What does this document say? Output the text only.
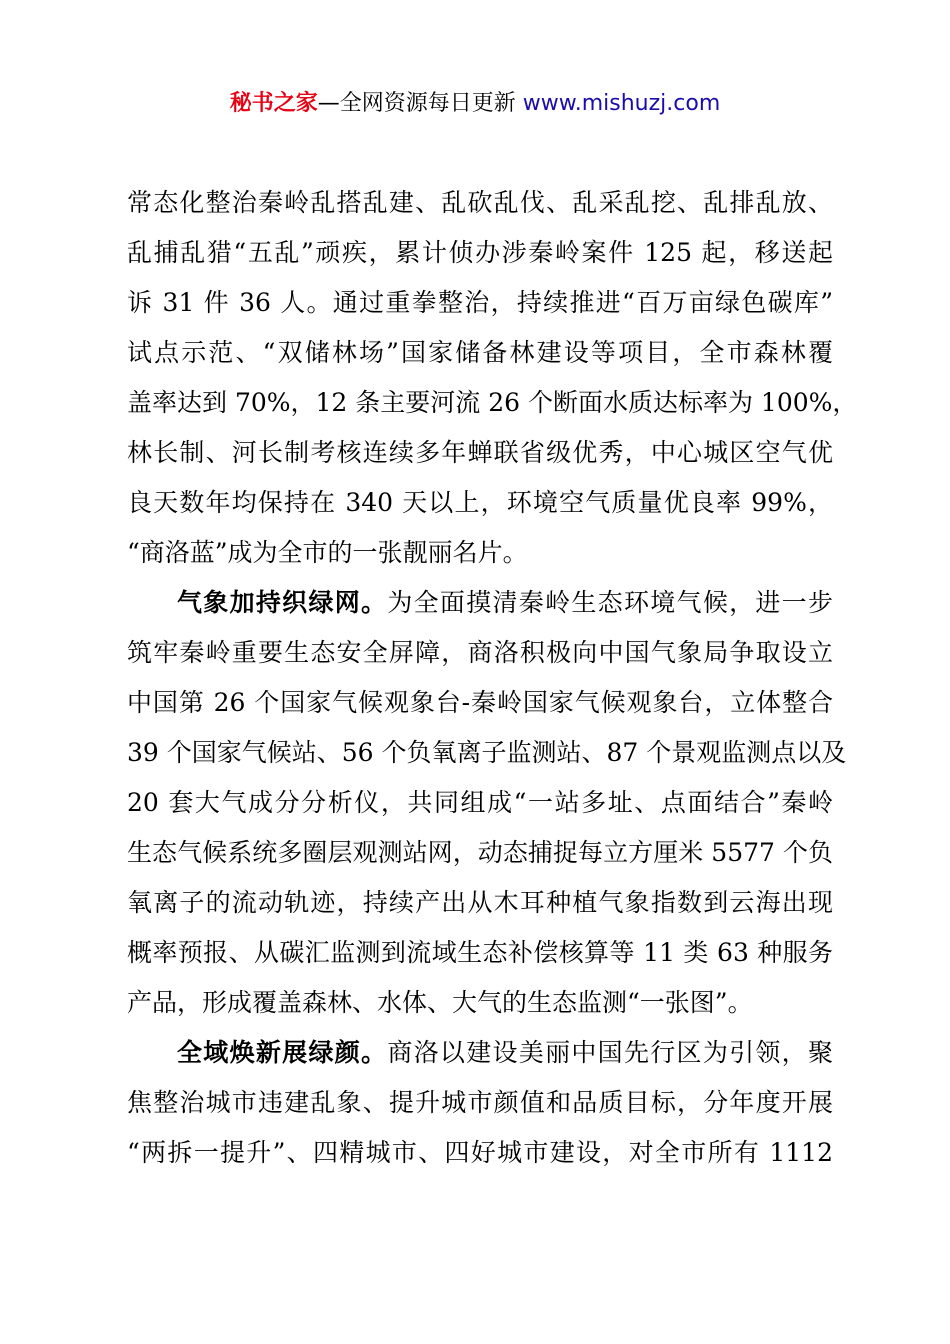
秘书之家—全网资源每日更新 www.mishuzj.com
常态化整治秦岭乱搭乱建、乱砍乱伐、乱采乱挖、乱排乱放、
乱捕乱猎“五乱”顽疾，累计侦办涉秦岭案件 125 起，移送起
诉 31 件 36 人。通过重拳整治，持续推进“百万亩绿色碳库”
试点示范、“双储林场”国家储备林建设等项目，全市森林覆
盖率达到 70%，12 条主要河流 26 个断面水质达标率为 100%，
林长制、河长制考核连续多年蝉联省级优秀，中心城区空气优
良天数年均保持在 340 天以上，环境空气质量优良率 99%，
“商洛蓝”成为全市的一张靓丽名片。
气象加持织绿网。为全面摸清秦岭生态环境气候，进一步
筑牢秦岭重要生态安全屏障，商洛积极向中国气象局争取设立
中国第 26 个国家气候观象台-秦岭国家气候观象台，立体整合
39 个国家气候站、56 个负氧离子监测站、87 个景观监测点以及
20 套大气成分分析仪，共同组成“一站多址、点面结合”秦岭
生态气候系统多圈层观测站网，动态捕捉每立方厘米 5577 个负
氧离子的流动轨迹，持续产出从木耳种植气象指数到云海出现
概率预报、从碳汇监测到流域生态补偿核算等 11 类 63 种服务
产品，形成覆盖森林、水体、大气的生态监测“一张图”。
全域焕新展绿颜。商洛以建设美丽中国先行区为引领，聚
焦整治城市违建乱象、提升城市颜值和品质目标，分年度开展
“两拆一提升”、四精城市、四好城市建设，对全市所有 1112
